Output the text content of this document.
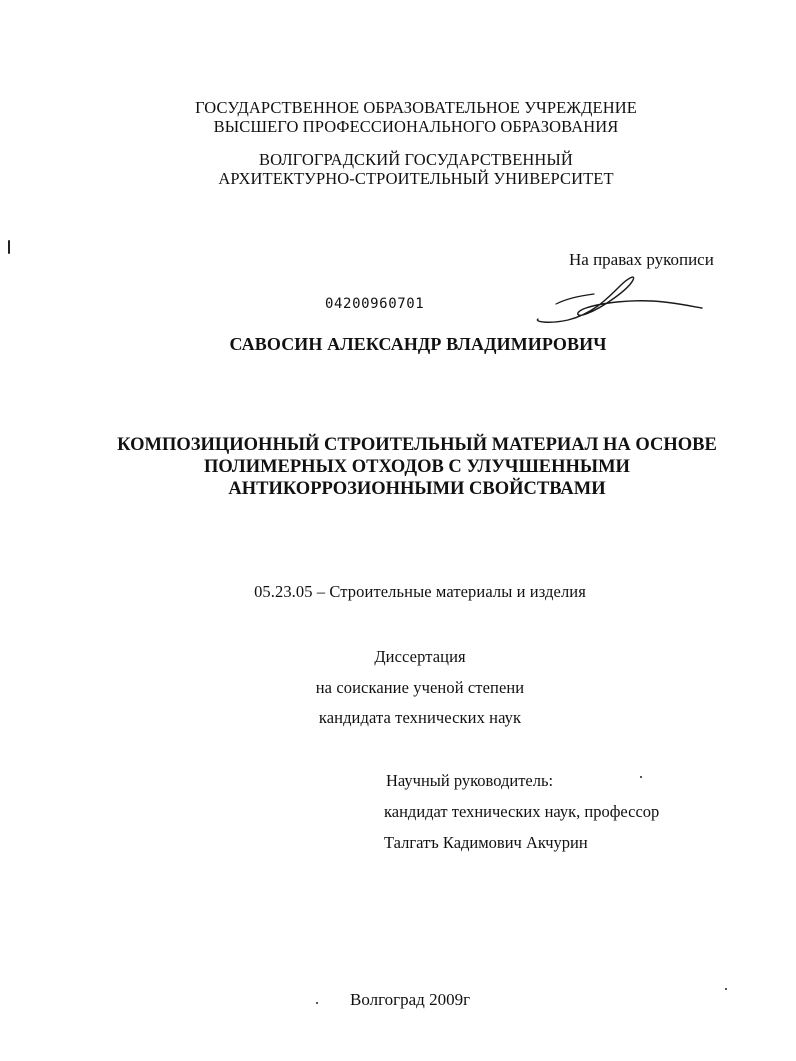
ГОСУДАРСТВЕННОЕ ОБРАЗОВАТЕЛЬНОЕ УЧРЕЖДЕНИЕ
ВЫСШЕГО ПРОФЕССИОНАЛЬНОГО ОБРАЗОВАНИЯ
ВОЛГОГРАДСКИЙ ГОСУДАРСТВЕННЫЙ
АРХИТЕКТУРНО-СТРОИТЕЛЬНЫЙ УНИВЕРСИТЕТ
На правах рукописи
04200960701
САВОСИН АЛЕКСАНДР ВЛАДИМИРОВИЧ
КОМПОЗИЦИОННЫЙ СТРОИТЕЛЬНЫЙ МАТЕРИАЛ НА ОСНОВЕ
ПОЛИМЕРНЫХ ОТХОДОВ С УЛУЧШЕННЫМИ
АНТИКОРРОЗИОННЫМИ СВОЙСТВАМИ
05.23.05 – Строительные материалы и изделия
Диссертация
на соискание ученой степени
кандидата технических наук
Научный руководитель:
кандидат технических наук, профессор
Талгатъ Кадимович Акчурин
Волгоград 2009г
